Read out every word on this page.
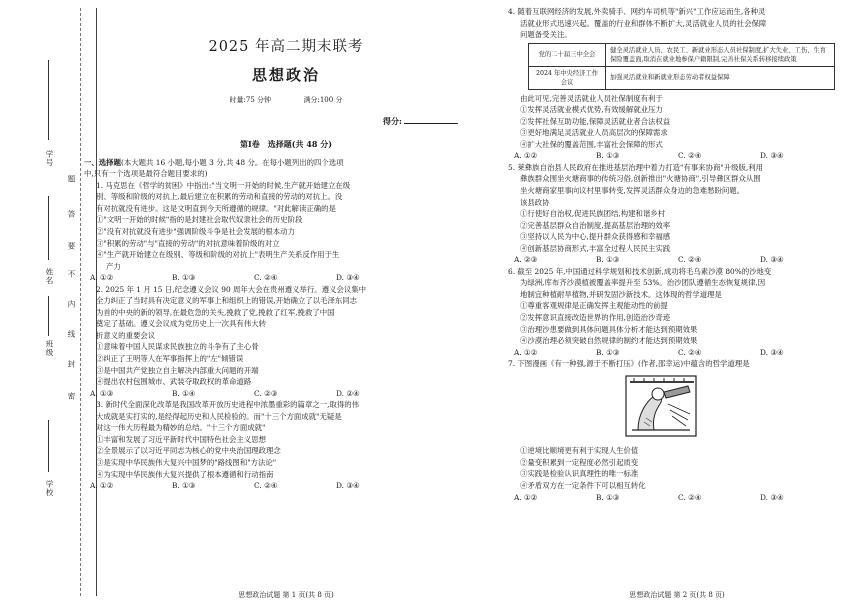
学号
题
答
要
不
内
线
封
密
姓名
班级
学校
2025 年高二期末联考
思想政治
时量:75 分钟	满分:100 分
得分:
第Ⅰ卷　选择题(共 48 分)

一、选择题(本大题共 16 小题,每小题 3 分,共 48 分。在每小题列出的四个选项

中,只有一个选项是最符合题目要求的)

1. 马克思在《哲学的贫困》中指出:"当文明一开始的时候,生产就开始建立在级

别、等级和阶级的对抗上,最后建立在积累的劳动和直接的劳动的对抗上。没

有对抗就没有进步。这是文明直到今天所遵循的规律。"对此解读正确的是

①"文明一开始的时候"指的是封建社会取代奴隶社会的历史阶段

②"没有对抗就没有进步"强调阶级斗争是社会发展的根本动力

③"积累的劳动"与"直接的劳动"的对抗意味着阶级的对立

④"生产就开始建立在级别、等级和阶级的对抗上"表明生产关系反作用于生

产力

A. ①②	B. ①③	C. ②④	D. ③④

2. 2025 年 1 月 15 日,纪念遵义会议 90 周年大会在贵州遵义举行。遵义会议集中

全力纠正了当时具有决定意义的军事上和组织上的错误,开始确立了以毛泽东同志

为首的中央的新的领导,在最危急的关头,挽救了党,挽救了红军,挽救了中国

奠定了基础。遵义会议成为党历史上一次具有伟大转

折意义的重要会议

①意味着中国人民谋求民族独立的斗争有了主心骨

②纠正了王明等人在军事指挥上的"左"倾错误

③是中国共产党独立自主解决内部重大问题的开端

④提出农村包围城市、武装夺取政权的革命道路

A. ①③	B. ①④	C. ②③	D. ②④

3. 新时代全面深化改革是我国改革开放历史进程中浓墨重彩的篇章之一,取得的伟

大成就是实打实的,是经得起历史和人民检验的。而"十三个方面成就"无疑是

对这一伟大历程最为精妙的总结。"十三个方面成就"

①丰富和发展了习近平新时代中国特色社会主义思想

②全景展示了以习近平同志为核心的党中央治国理政理念

③是实现中华民族伟大复兴中国梦的"路线图和"方法论"

④为实现中华民族伟大复兴提供了根本遵循和行动指南

A. ①②	B. ①③	C. ②④	D. ③④
思想政治试题 第 1 页(共 8 页)

4. 随着互联网经济的发展,外卖骑手、网约车司机等"新兴"工作应运而生,各种灵

活就业形式迅速兴起。覆盖的行业和群体不断扩大,灵活就业人员的社会保障

问题备受关注。

党的二十届三中全会	健全灵活就业人员、农民工、新就业形态人员社保制度,扩大失业、工伤、生育保险覆盖面,取消在就业地参保户籍限制,完善社保关系转移接续政策
2024 年中央经济工作会议	加强灵活就业和新就业形态劳动者权益保障

由此可见,完善灵活就业人员社保制度有利于

①发挥灵活就业模式优势,有效缓解就业压力

②发挥社保互助功能,保障灵活就业者合法权益

③更好地满足灵活就业人员高层次的保障需求

④扩大社保的覆盖范围,丰富社会保障的形式

A. ①②	B. ①③	C. ②④	D. ③④

5. 莱彝族自治县人民政府在推进基层治理中着力打造"有事来协商"升级版,利用

彝族群众围坐火塘商事的传统习俗,创新推出"火塘协商",引导彝区群众从围

坐火塘商家里事向议村里事转变,发挥灵活群众身边的急难愁盼问题。

该县政协

①行使好自治权,促进民族团结,构建和谐乡村

②完善基层群众自治制度,提高基层治理的效率

③坚持以人民为中心,提升群众获得感和幸福感

④创新基层协商形式,丰富全过程人民民主实践

A. ②③	B. ①③	C. ②④	D. ③④

6. 截至 2025 年,中国通过科学规划和技术创新,成功将毛乌素沙漠 80%的沙地变

为绿洲,库布齐沙漠植被覆盖率提升至 53%。治沙团队遵循生态恢复规律,因

地制宜种植耐旱植物,并研发固沙新技术。这体现的哲学道理是

①尊重客观规律是正确发挥主观能动性的前提

②发挥意识直接改造世界的作用,创造治沙奇迹

③治理沙患要做到具体问题具体分析才能达到预期效果

④沙漠治理必须突破自然规律的制约才能达到预期效果

A. ①②	B. ①③	C. ②④	D. ③④

7. 下图漫画《有一种强,源于不断打压》(作者,邵幸运)中蕴含的哲学道理是

①逆境比顺境更有利于实现人生价值

②量变积累到一定程度必然引起质变

③实践是检验认识真理性的唯一标准

④矛盾双方在一定条件下可以相互转化

A. ①②	B. ①③	C. ②④	D. ③④
思想政治试题 第 2 页(共 8 页)
